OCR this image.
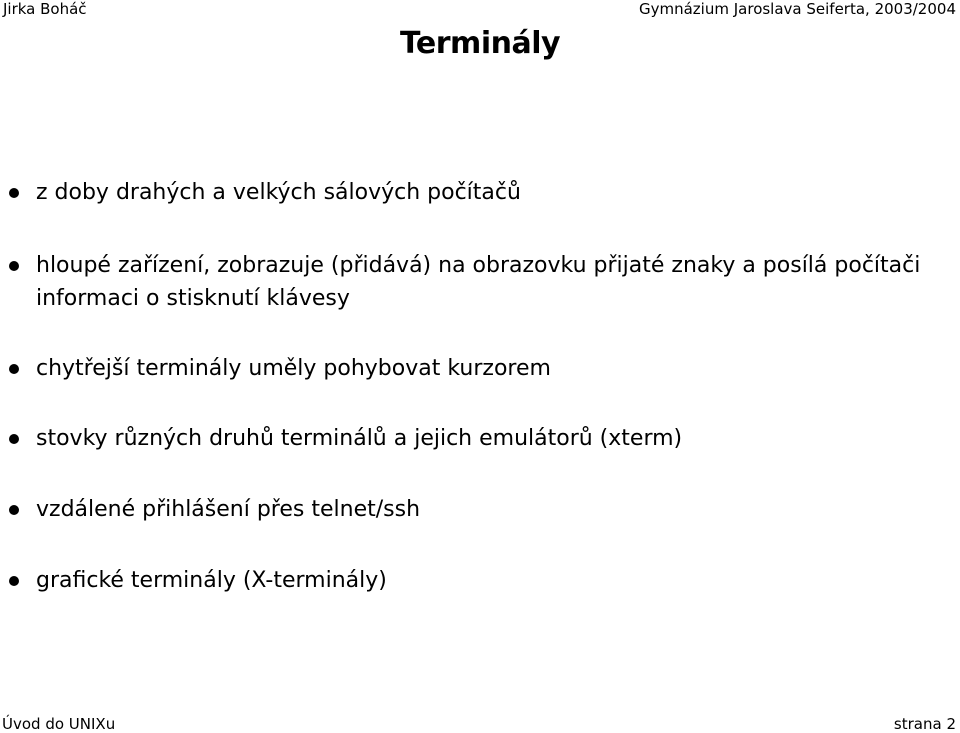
Jirka Boháč	Gymnázium Jaroslava Seiferta, 2003/2004
Terminály
z doby drahých a velkých sálových počítačů
hloupé zařízení, zobrazuje (přidává) na obrazovku přijaté znaky a posílá počítači informaci o stisknutí klávesy
chytřejší terminály uměly pohybovat kurzorem
stovky různých druhů terminálů a jejich emulátorů (xterm)
vzdálené přihlášení přes telnet/ssh
grafické terminály (X-terminály)
Úvod do UNIXu	strana 2
